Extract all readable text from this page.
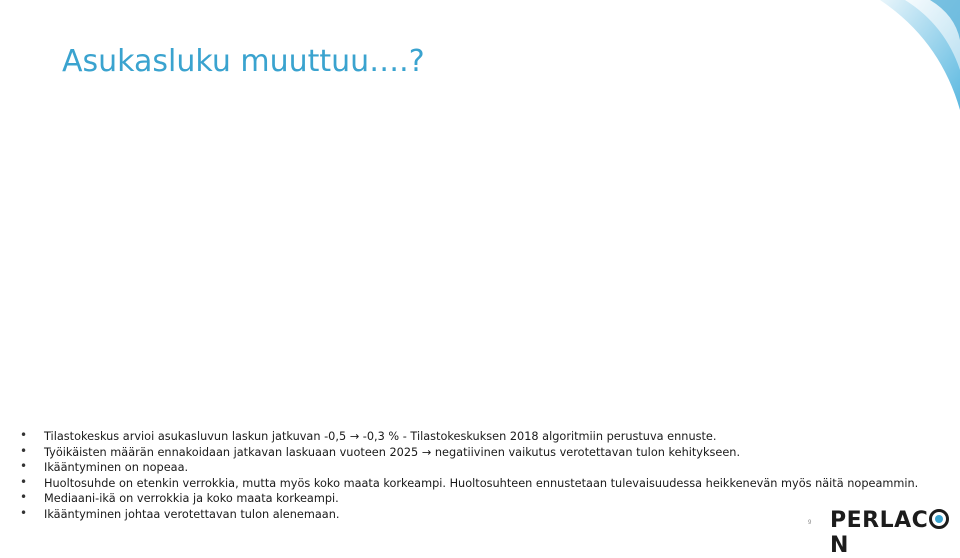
Asukasluku muuttuu….?
• Tilastokeskus arvioi asukasluvun laskun jatkuvan -0,5 → -0,3 % - Tilastokeskuksen 2018 algoritmiin perustuva ennuste.
• Työikäisten määrän ennakoidaan jatkavan laskuaan vuoteen 2025 → negatiivinen vaikutus verotettavan tulon kehitykseen.
• Ikääntyminen on nopeaa.
• Huoltosuhde on etenkin verrokkia, mutta myös koko maata korkeampi. Huoltosuhteen ennustetaan tulevaisuudessa heikkenevän myös näitä nopeammin.
• Mediaani-ikä on verrokkia ja koko maata korkeampi.
• Ikääntyminen johtaa verotettavan tulon alenemaan.
9 PERLACN
